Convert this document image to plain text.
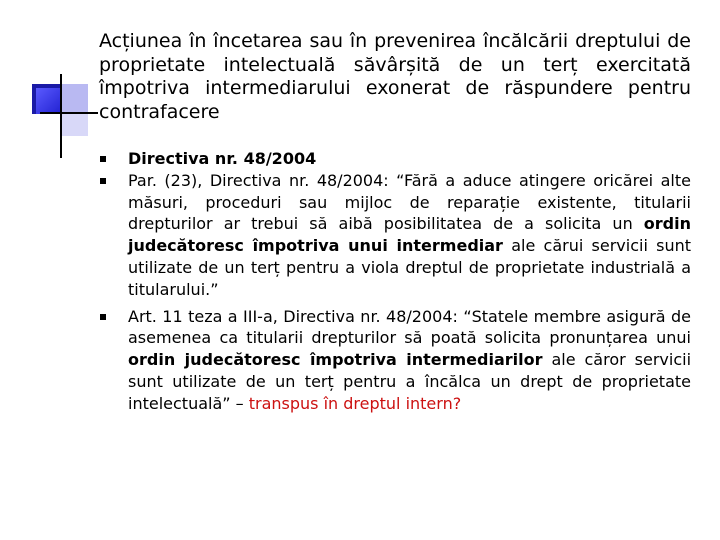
Acțiunea în încetarea sau în prevenirea încălcării dreptului de proprietate intelectuală săvârșită de un terț exercitată împotriva intermediarului exonerat de răspundere pentru contrafacere

Directiva nr. 48/2004
Par. (23), Directiva nr. 48/2004: “Fără a aduce atingere oricărei alte măsuri, proceduri sau mijloc de reparație existente, titularii drepturilor ar trebui să aibă posibilitatea de a solicita un ordin judecătoresc împotriva unui intermediar ale cărui servicii sunt utilizate de un terț pentru a viola dreptul de proprietate industrială a titularului.”
Art. 11 teza a III-a, Directiva nr. 48/2004: “Statele membre asigură de asemenea ca titularii drepturilor să poată solicita pronunțarea unui ordin judecătoresc împotriva intermediarilor ale căror servicii sunt utilizate de un terț pentru a încălca un drept de proprietate intelectuală” – transpus în dreptul intern?
